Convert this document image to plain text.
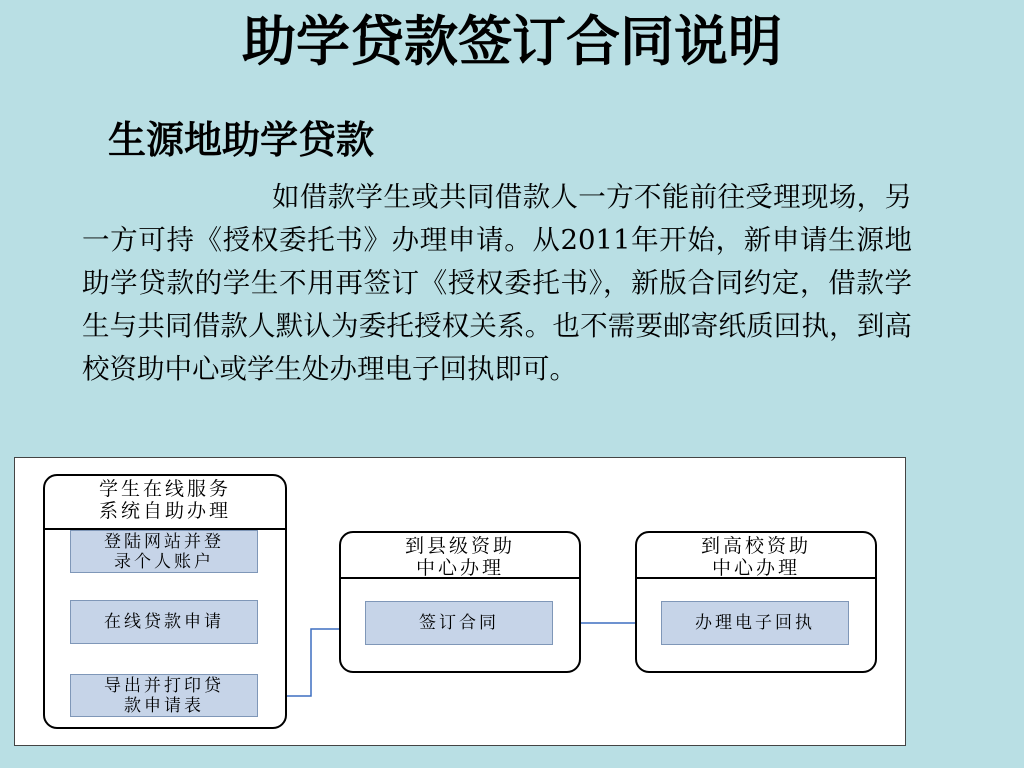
助学贷款签订合同说明
生源地助学贷款
如借款学生或共同借款人一方不能前往受理现场，另一方可持《授权委托书》办理申请。从2011年开始，新申请生源地助学贷款的学生不用再签订《授权委托书》，新版合同约定，借款学生与共同借款人默认为委托授权关系。也不需要邮寄纸质回执，到高校资助中心或学生处办理电子回执即可。
学生在线服务
系统自助办理
登陆网站并登
录个人账户
在线贷款申请
导出并打印贷
款申请表
到县级资助
中心办理
签订合同
到高校资助
中心办理
办理电子回执
